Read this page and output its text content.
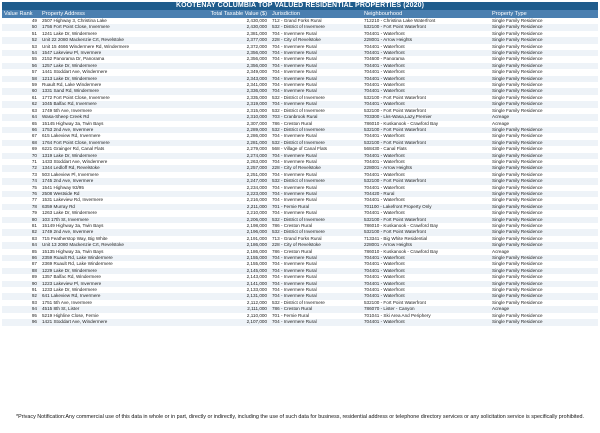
KOOTENAY COLUMBIA TOP VALUED RESIDENTIAL PROPERTIES (2020)
Value Rank	Property Address	Total Taxable Value ($)	Jurisdiction	Neighbourhood	Property Type
49	2507 Highway 3, Christina Lake	2,430,000	712 - Grand Forks Rural	712210 - Christina Lake Waterfront	Single Family Residence
50	1756 Fort Point Close, Invermere	2,430,000	532 - District of Invermere	532100 - Fort Point Waterfront	Single Family Residence
51	1241 Lake Dr, Windermere	2,381,000	704 - Invermere Rural	704401 - Waterfront	Single Family Residence
52	Unit 22 2080 Mackenzie Crt, Revelstoke	2,377,000	228 - City of Revelstoke	228001 - Arrow Heights	Single Family Residence
53	Unit 15 4666 Windermere Rd, Windermere	2,372,000	704 - Invermere Rural	704401 - Waterfront	Single Family Residence
54	1547 Lakeview Pl, Invermere	2,356,000	704 - Invermere Rural	704401 - Waterfront	Single Family Residence
55	2152 Panorama Dr, Panorama	2,356,000	704 - Invermere Rural	704600 - Panorama	Single Family Residence
56	1257 Lake Dr, Windermere	2,356,000	704 - Invermere Rural	704401 - Waterfront	Single Family Residence
57	1441 Stoddart Ave, Windermere	2,349,000	704 - Invermere Rural	704401 - Waterfront	Single Family Residence
58	1213 Lake Dr, Windermere	2,343,000	704 - Invermere Rural	704401 - Waterfront	Single Family Residence
59	Ruault Rd, Lake Windermere	2,341,000	704 - Invermere Rural	704401 - Waterfront	Single Family Residence
60	1331 Sand Rd, Windermere	2,336,000	704 - Invermere Rural	704401 - Waterfront	Single Family Residence
61	1772 Fort Point Close, Invermere	2,335,000	532 - District of Invermere	532100 - Fort Point Waterfront	Single Family Residence
62	1045 Balfac Rd, Invermere	2,319,000	704 - Invermere Rural	704401 - Waterfront	Single Family Residence
63	1749 5th Ave, Invermere	2,315,000	532 - District of Invermere	532100 - Fort Point Waterfront	Single Family Residence
64	Wasa-Sheep Creek Rd	2,310,000	703 - Cranbrook Rural	703300 - Lks-Wasa,Lazy,Premier	Acreage
65	15145 Highway 3a, Twin Bays	2,307,000	786 - Creston Rural	786010 - Kuskanook - Crawford Bay	Acreage
66	1753 2nd Ave, Invermere	2,289,000	532 - District of Invermere	532100 - Fort Point Waterfront	Single Family Residence
67	615 Lakeview Rd, Invermere	2,286,000	704 - Invermere Rural	704401 - Waterfront	Single Family Residence
68	1764 Fort Point Close, Invermere	2,281,000	532 - District of Invermere	532100 - Fort Point Waterfront	Single Family Residence
69	6221 Grainger Rd, Canal Flats	2,279,000	568 - Village of Canal Flats	568430 - Canal Flats	Single Family Residence
70	1319 Lake Dr, Windermere	2,274,000	704 - Invermere Rural	704401 - Waterfront	Single Family Residence
71	1433 Stoddart Ave, Windermere	2,263,000	704 - Invermere Rural	704401 - Waterfront	Single Family Residence
72	1344 Ledloff Rd, Revelstoke	2,257,000	228 - City of Revelstoke	228001 - Arrow Heights	Single Family Residence
73	503 Lakeview Pl, Invermere	2,251,000	704 - Invermere Rural	704401 - Waterfront	Single Family Residence
74	1745 2nd Ave, Invermere	2,247,000	532 - District of Invermere	532100 - Fort Point Waterfront	Single Family Residence
75	1541 Highway 93/95	2,234,000	704 - Invermere Rural	704401 - Waterfront	Single Family Residence
76	2508 Westside Rd	2,223,000	704 - Invermere Rural	704420 - Rural	Single Family Residence
77	1531 Lakeview Rd, Invermere	2,216,000	704 - Invermere Rural	704401 - Waterfront	Single Family Residence
78	6359 Murray Rd	2,211,000	701 - Fernie Rural	701100 - Lakefront Property Only	Single Family Residence
79	1263 Lake Dr, Windermere	2,210,000	704 - Invermere Rural	704401 - Waterfront	Single Family Residence
80	103 17th St, Invermere	2,206,000	532 - District of Invermere	532100 - Fort Point Waterfront	Single Family Residence
81	15149 Highway 3a, Twin Bays	2,198,000	786 - Creston Rural	786010 - Kuskanook - Crawford Bay	Single Family Residence
82	1749 2nd Ave, Invermere	2,196,000	532 - District of Invermere	532100 - Fort Point Waterfront	Single Family Residence
83	715 Featherstop Way, Big White	2,191,000	713 - Grand Forks Rural	713341 - Big White Residential	Single Family Residence
84	Unit 13 2080 Mackenzie Crt, Revelstoke	2,186,000	228 - City of Revelstoke	228001 - Arrow Heights	Single Family Residence
85	15135 Highway 3a, Twin Bays	2,186,000	786 - Creston Rural	786010 - Kuskanook - Crawford Bay	Acreage
86	2359 Ruault Rd, Lake Windermere	2,155,000	704 - Invermere Rural	704401 - Waterfront	Single Family Residence
87	2369 Ruault Rd, Lake Windermere	2,155,000	704 - Invermere Rural	704401 - Waterfront	Single Family Residence
88	1229 Lake Dr, Windermere	2,145,000	704 - Invermere Rural	704401 - Waterfront	Single Family Residence
89	1357 Balfac Rd, Windermere	2,143,000	704 - Invermere Rural	704401 - Waterfront	Single Family Residence
90	1223 Lakeview Pl, Invermere	2,141,000	704 - Invermere Rural	704401 - Waterfront	Single Family Residence
91	1233 Lake Dr, Windermere	2,133,000	704 - Invermere Rural	704401 - Waterfront	Single Family Residence
92	641 Lakeview Rd, Invermere	2,131,000	704 - Invermere Rural	704401 - Waterfront	Single Family Residence
93	1751 5th Ave, Invermere	2,112,000	532 - District of Invermere	532100 - Fort Point Waterfront	Single Family Residence
94	4515 8th St, Lister	2,111,000	786 - Creston Rural	786070 - Lister - Canyon	Acreage
95	5219 Highline Close, Fernie	2,110,000	701 - Fernie Rural	701041 - Ski Area And Periphery	Single Family Residence
96	1421 Stoddart Ave, Windermere	2,107,000	704 - Invermere Rural	704401 - Waterfront	Single Family Residence
*Privacy Notification:Any commercial use of this data in whole or in part, directly or indirectly, including the use of such data for business, residential address or telephone directory services or any solicitation service is specifically prohibited.
